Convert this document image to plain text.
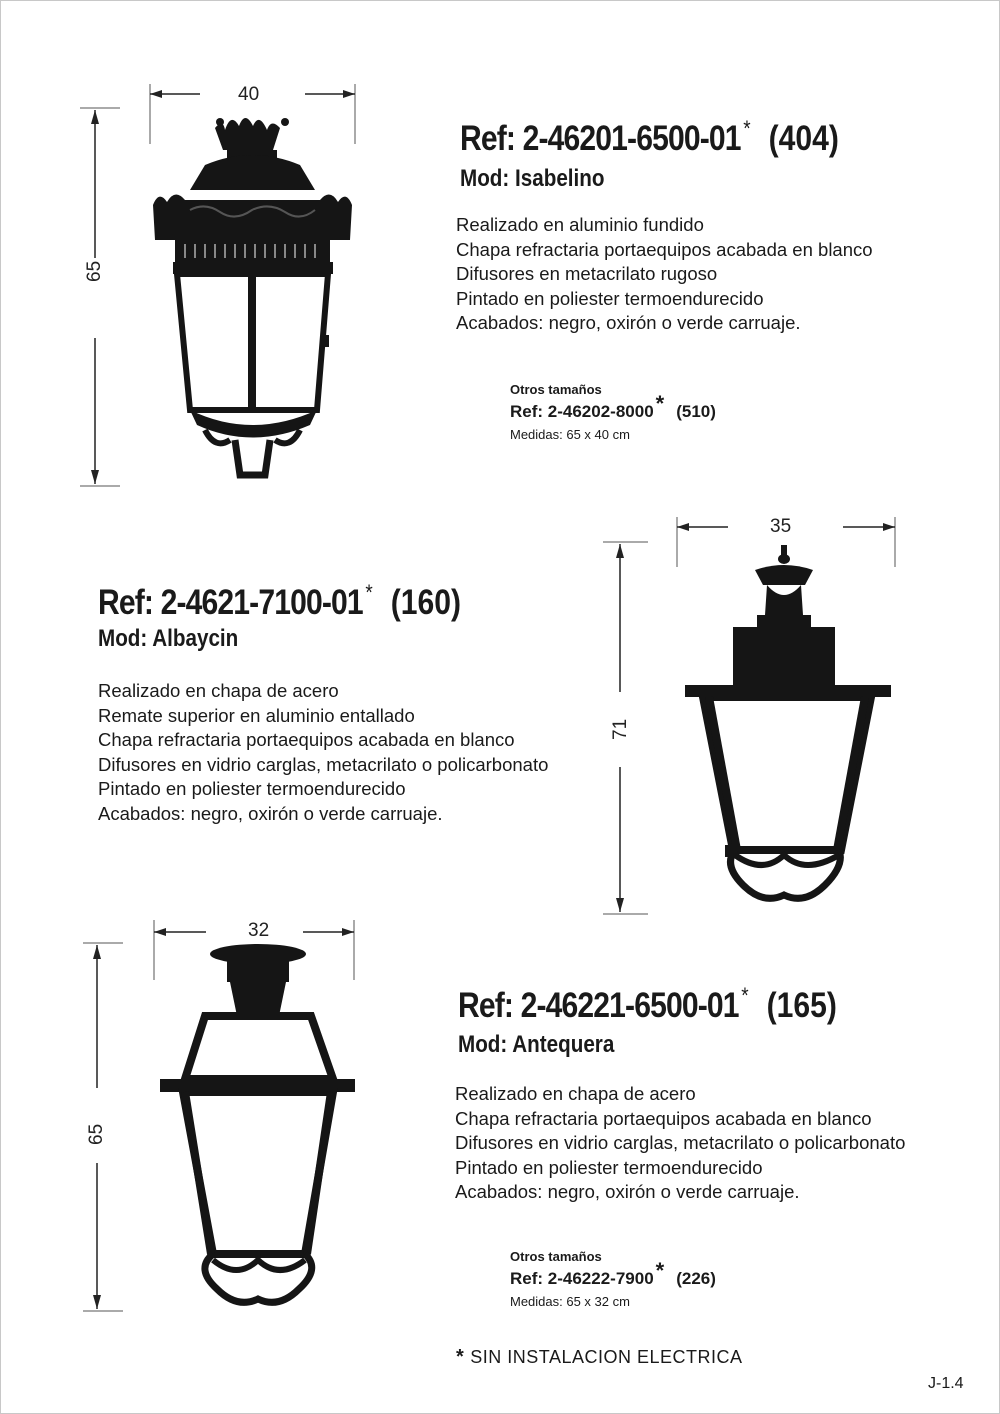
40
65
Ref: 2-46201-6500-01 * (404)
Mod: Isabelino
Realizado en aluminio fundido
Chapa refractaria portaequipos acabada en blanco
Difusores en metacrilato rugoso
Pintado en poliester termoendurecido
Acabados: negro, oxirón o verde carruaje.
Otros tamaños
Ref: 2-46202-8000* (510)
Medidas: 65 x 40 cm
35
71
Ref: 2-4621-7100-01 * (160)
Mod: Albaycin
Realizado en chapa de acero
Remate superior en aluminio entallado
Chapa refractaria portaequipos acabada en blanco
Difusores en vidrio carglas, metacrilato o policarbonato
Pintado en poliester termoendurecido
Acabados: negro, oxirón o verde carruaje.
32
65
Ref: 2-46221-6500-01 * (165)
Mod: Antequera
Realizado en chapa de acero
Chapa refractaria portaequipos acabada en blanco
Difusores en vidrio carglas, metacrilato o policarbonato
Pintado en poliester termoendurecido
Acabados: negro, oxirón o verde carruaje.
Otros tamaños
Ref: 2-46222-7900* (226)
Medidas: 65 x 32 cm
* SIN INSTALACION ELECTRICA
J-1.4
